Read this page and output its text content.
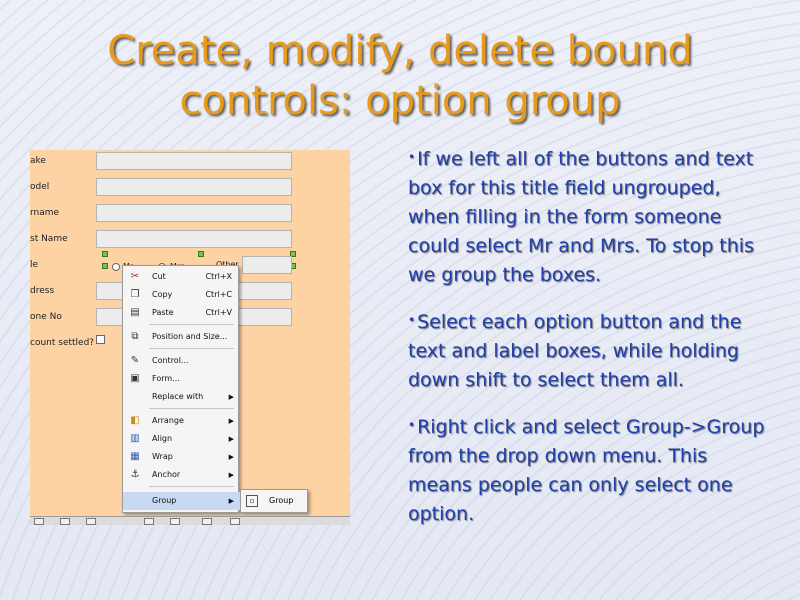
Create, modify, delete bound
controls: option group
ake
odel
rname
st Name
le
dress
one No
count settled?
✂ Cut	Ctrl+X
❐ Copy	Ctrl+C
▤ Paste	Ctrl+V
⧉	Position and Size...
✎ Control...
▣ Form...
Replace with	▶
◧ Arrange	▶
▥ Align	▶
▦ Wrap	▶
⚓ Anchor	▶
Group	▶	▫	Group
• If we left all of the buttons and text box for this title field ungrouped, when filling in the form someone could select Mr and Mrs. To stop this we group the boxes.
• Select each option button and the text and label boxes, while holding down shift to select them all.
• Right click and select Group->Group from the drop down menu. This means people can only select one option.
